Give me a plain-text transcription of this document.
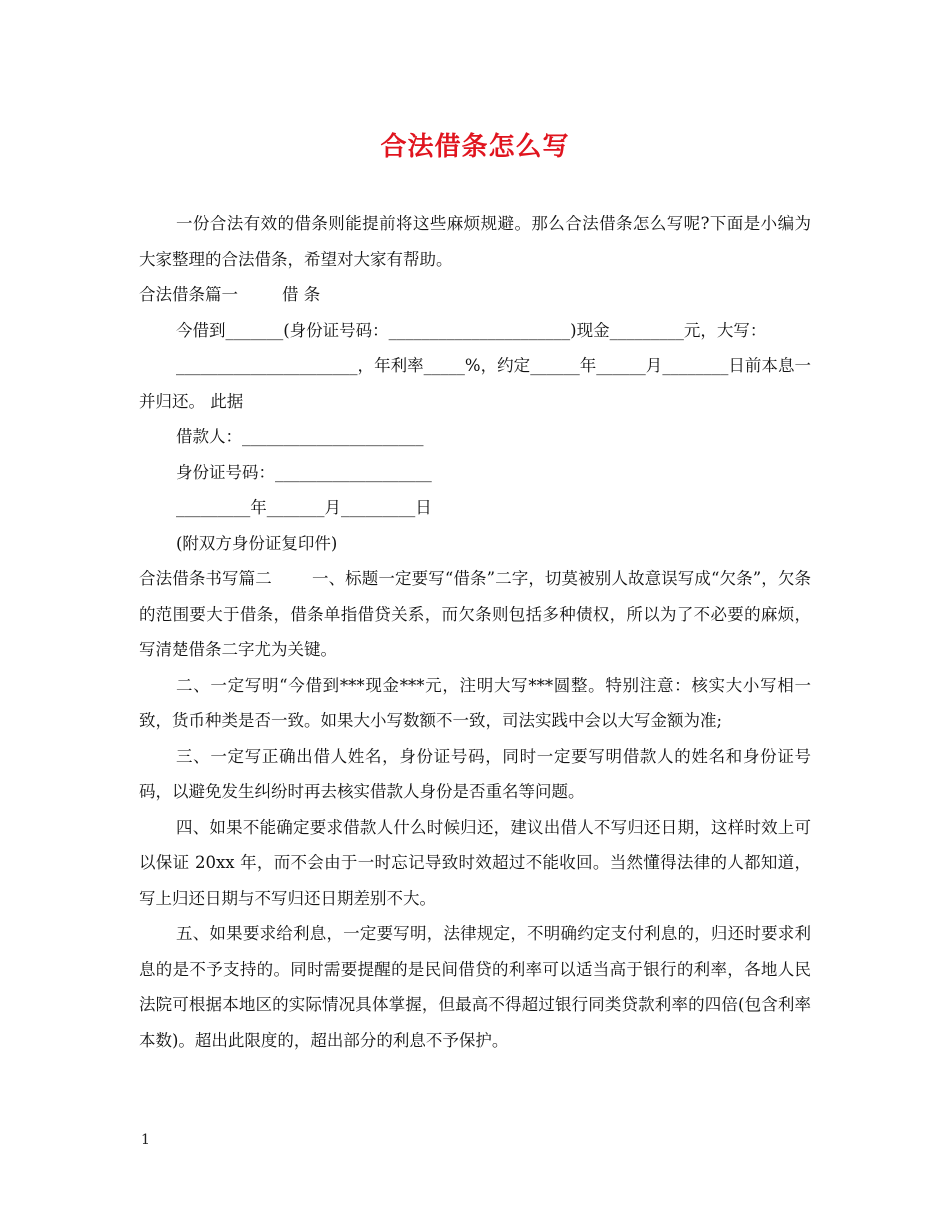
合法借条怎么写

一份合法有效的借条则能提前将这些麻烦规避。那么合法借条怎么写呢?下面是小编为大家整理的合法借条，希望对大家有帮助。

合法借条篇一	借 条

今借到_______(身份证号码：______________________)现金_________元，大写：

______________________，年利率_____%，约定______年______月________日前本息一并归还。 此据

借款人：______________________

身份证号码：___________________

_________年_______月_________日

(附双方身份证复印件)

合法借条书写篇二 一、标题一定要写“借条”二字，切莫被别人故意误写成“欠条”，欠条的范围要大于借条，借条单指借贷关系，而欠条则包括多种债权，所以为了不必要的麻烦，写清楚借条二字尤为关键。

二、一定写明“今借到***现金***元，注明大写***圆整。特别注意：核实大小写相一致，货币种类是否一致。如果大小写数额不一致，司法实践中会以大写金额为准;

三、一定写正确出借人姓名，身份证号码，同时一定要写明借款人的姓名和身份证号码，以避免发生纠纷时再去核实借款人身份是否重名等问题。

四、如果不能确定要求借款人什么时候归还，建议出借人不写归还日期，这样时效上可以保证 20xx 年，而不会由于一时忘记导致时效超过不能收回。当然懂得法律的人都知道，写上归还日期与不写归还日期差别不大。

五、如果要求给利息，一定要写明，法律规定，不明确约定支付利息的，归还时要求利息的是不予支持的。同时需要提醒的是民间借贷的利率可以适当高于银行的利率，各地人民法院可根据本地区的实际情况具体掌握，但最高不得超过银行同类贷款利率的四倍(包含利率本数)。超出此限度的，超出部分的利息不予保护。

1
